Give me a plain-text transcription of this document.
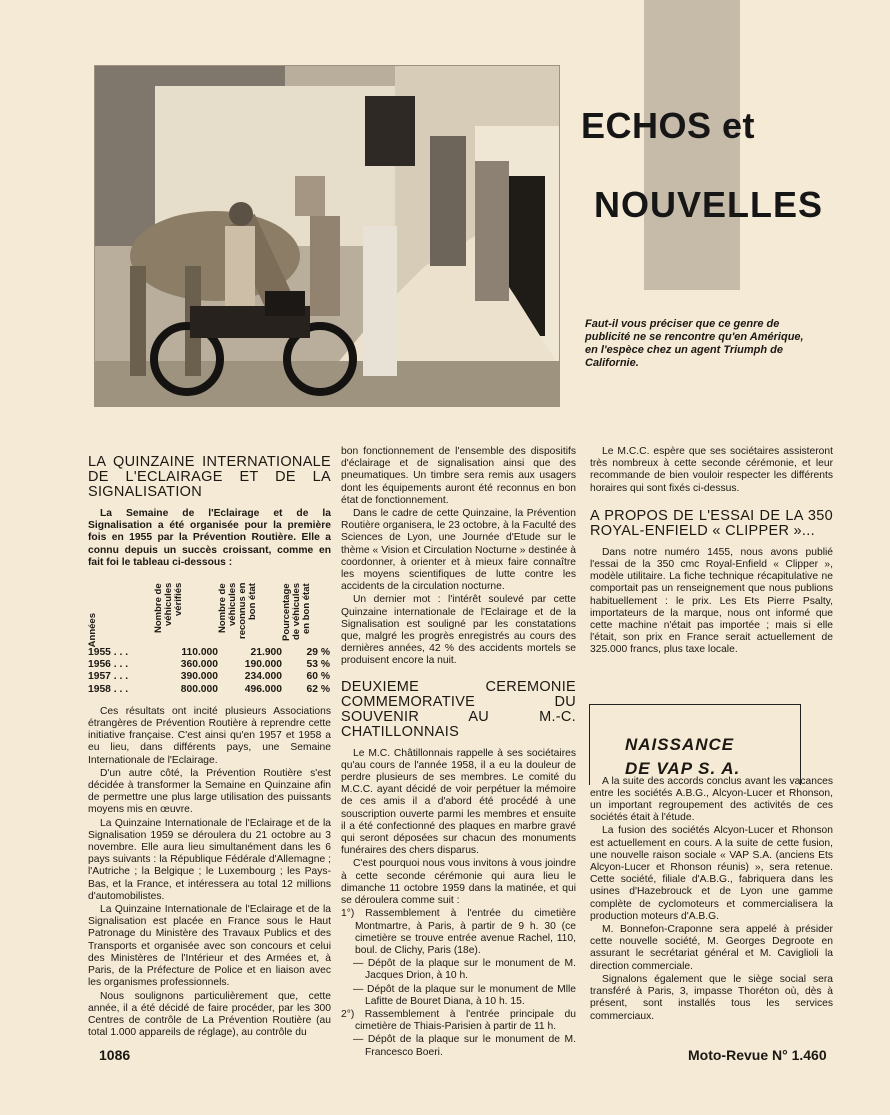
ECHOS et
NOUVELLES
Faut-il vous préciser que ce genre de publicité ne se rencontre qu'en Amérique, en l'espèce chez un agent Triumph de Californie.
LA QUINZAINE INTERNATIONALE DE L'ECLAIRAGE ET DE LA SIGNALISATION

La Semaine de l'Eclairage et de la Signalisation a été organisée pour la première fois en 1955 par la Prévention Routière. Elle a connu depuis un succès croissant, comme en fait foi le tableau ci-dessous :

Années	Nombre de véhicules vérifiés	Nombre de véhicules reconnus en bon état	Pourcentage de véhicules en bon état
1955 . . .	110.000	21.900	29 %
1956 . . .	360.000	190.000	53 %
1957 . . .	390.000	234.000	60 %
1958 . . .	800.000	496.000	62 %

Ces résultats ont incité plusieurs Associations étrangères de Prévention Routière à reprendre cette initiative française. C'est ainsi qu'en 1957 et 1958 a eu lieu, dans différents pays, une Semaine Internationale de l'Eclairage.

D'un autre côté, la Prévention Routière s'est décidée à transformer la Semaine en Quinzaine afin de permettre une plus large utilisation des puissants moyens mis en œuvre.

La Quinzaine Internationale de l'Eclairage et de la Signalisation 1959 se déroulera du 21 octobre au 3 novembre. Elle aura lieu simultanément dans les 6 pays suivants : la République Fédérale d'Allemagne ; l'Autriche ; la Belgique ; le Luxembourg ; les Pays-Bas, et la France, et intéressera au total 12 millions d'automobilistes.

La Quinzaine Internationale de l'Eclairage et de la Signalisation est placée en France sous le Haut Patronage du Ministère des Travaux Publics et des Transports et organisée avec son concours et celui des Ministères de l'Intérieur et des Armées et, à Paris, de la Préfecture de Police et en liaison avec les organismes professionnels.

Nous soulignons particulièrement que, cette année, il a été décidé de faire procéder, par les 300 Centres de contrôle de La Prévention Routière (au total 1.000 appareils de réglage), au contrôle du

bon fonctionnement de l'ensemble des dispositifs d'éclairage et de signalisation ainsi que des pneumatiques. Un timbre sera remis aux usagers dont les équipements auront été reconnus en bon état de fonctionnement.

Dans le cadre de cette Quinzaine, la Prévention Routière organisera, le 23 octobre, à la Faculté des Sciences de Lyon, une Journée d'Etude sur le thème « Vision et Circulation Nocturne » destinée à coordonner, à orienter et à mieux faire connaître les moyens scientifiques de lutte contre les accidents de la circulation nocturne.

Un dernier mot : l'intérêt soulevé par cette Quinzaine internationale de l'Eclairage et de la Signalisation est souligné par les constatations que, malgré les progrès enregistrés au cours des dernières années, 42 % des accidents mortels se produisent encore la nuit.

DEUXIEME CEREMONIE COMMEMORATIVE DU SOUVENIR AU M.-C. CHATILLONNAIS

Le M.C. Châtillonnais rappelle à ses sociétaires qu'au cours de l'année 1958, il a eu la douleur de perdre plusieurs de ses membres. Le comité du M.C.C. ayant décidé de voir perpétuer la mémoire de ces amis il a d'abord été procédé à une souscription ouverte parmi les membres et ensuite il a été confectionné des plaques en marbre gravé qui seront déposées sur chacun des monuments funéraires des chers disparus.

C'est pourquoi nous vous invitons à vous joindre à cette seconde cérémonie qui aura lieu le dimanche 11 octobre 1959 dans la matinée, et qui se déroulera comme suit :

1°) Rassemblement à l'entrée du cimetière Montmartre, à Paris, à partir de 9 h. 30 (ce cimetière se trouve entrée avenue Rachel, 110, boul. de Clichy, Paris (18e).

— Dépôt de la plaque sur le monument de M. Jacques Drion, à 10 h.

— Dépôt de la plaque sur le monument de Mlle Lafitte de Bouret Diana, à 10 h. 15.

2°) Rassemblement à l'entrée principale du cimetière de Thiais-Parisien à partir de 11 h.

— Dépôt de la plaque sur le monument de M. Francesco Boeri.

Le M.C.C. espère que ses sociétaires assisteront très nombreux à cette seconde cérémonie, et leur recommande de bien vouloir respecter les différents horaires qui sont fixés ci-dessus.

A PROPOS DE L'ESSAI DE LA 350 ROYAL-ENFIELD « CLIPPER »...

Dans notre numéro 1455, nous avons publié l'essai de la 350 cmc Royal-Enfield « Clipper », modèle utilitaire. La fiche technique récapitulative ne comportait pas un renseignement que nous publions habituellement : le prix. Les Ets Pierre Psalty, importateurs de la marque, nous ont informé que cette machine n'était pas importée ; mais si elle l'était, son prix en France serait actuellement de 325.000 francs, plus taxe locale.

A la suite des accords conclus avant les vacances entre les sociétés A.B.G., Alcyon-Lucer et Rhonson, un important regroupement des activités de ces sociétés était à l'étude.

La fusion des sociétés Alcyon-Lucer et Rhonson est actuellement en cours. A la suite de cette fusion, une nouvelle raison sociale « VAP S.A. (anciens Ets Alcyon-Lucer et Rhonson réunis) », sera retenue. Cette société, filiale d'A.B.G., fabriquera dans les usines d'Hazebrouck et de Lyon une gamme complète de cyclomoteurs et commercialisera la production moteurs d'A.B.G.

M. Bonnefon-Craponne sera appelé à présider cette nouvelle société, M. Georges Degroote en assurant le secrétariat général et M. Caviglioli la direction commerciale.

Signalons également que le siège social sera transféré à Paris, 3, impasse Thoréton où, dès à présent, sont installés tous les services commerciaux.

NAISSANCE
DE VAP S. A.
1086	Moto-Revue N° 1.460
